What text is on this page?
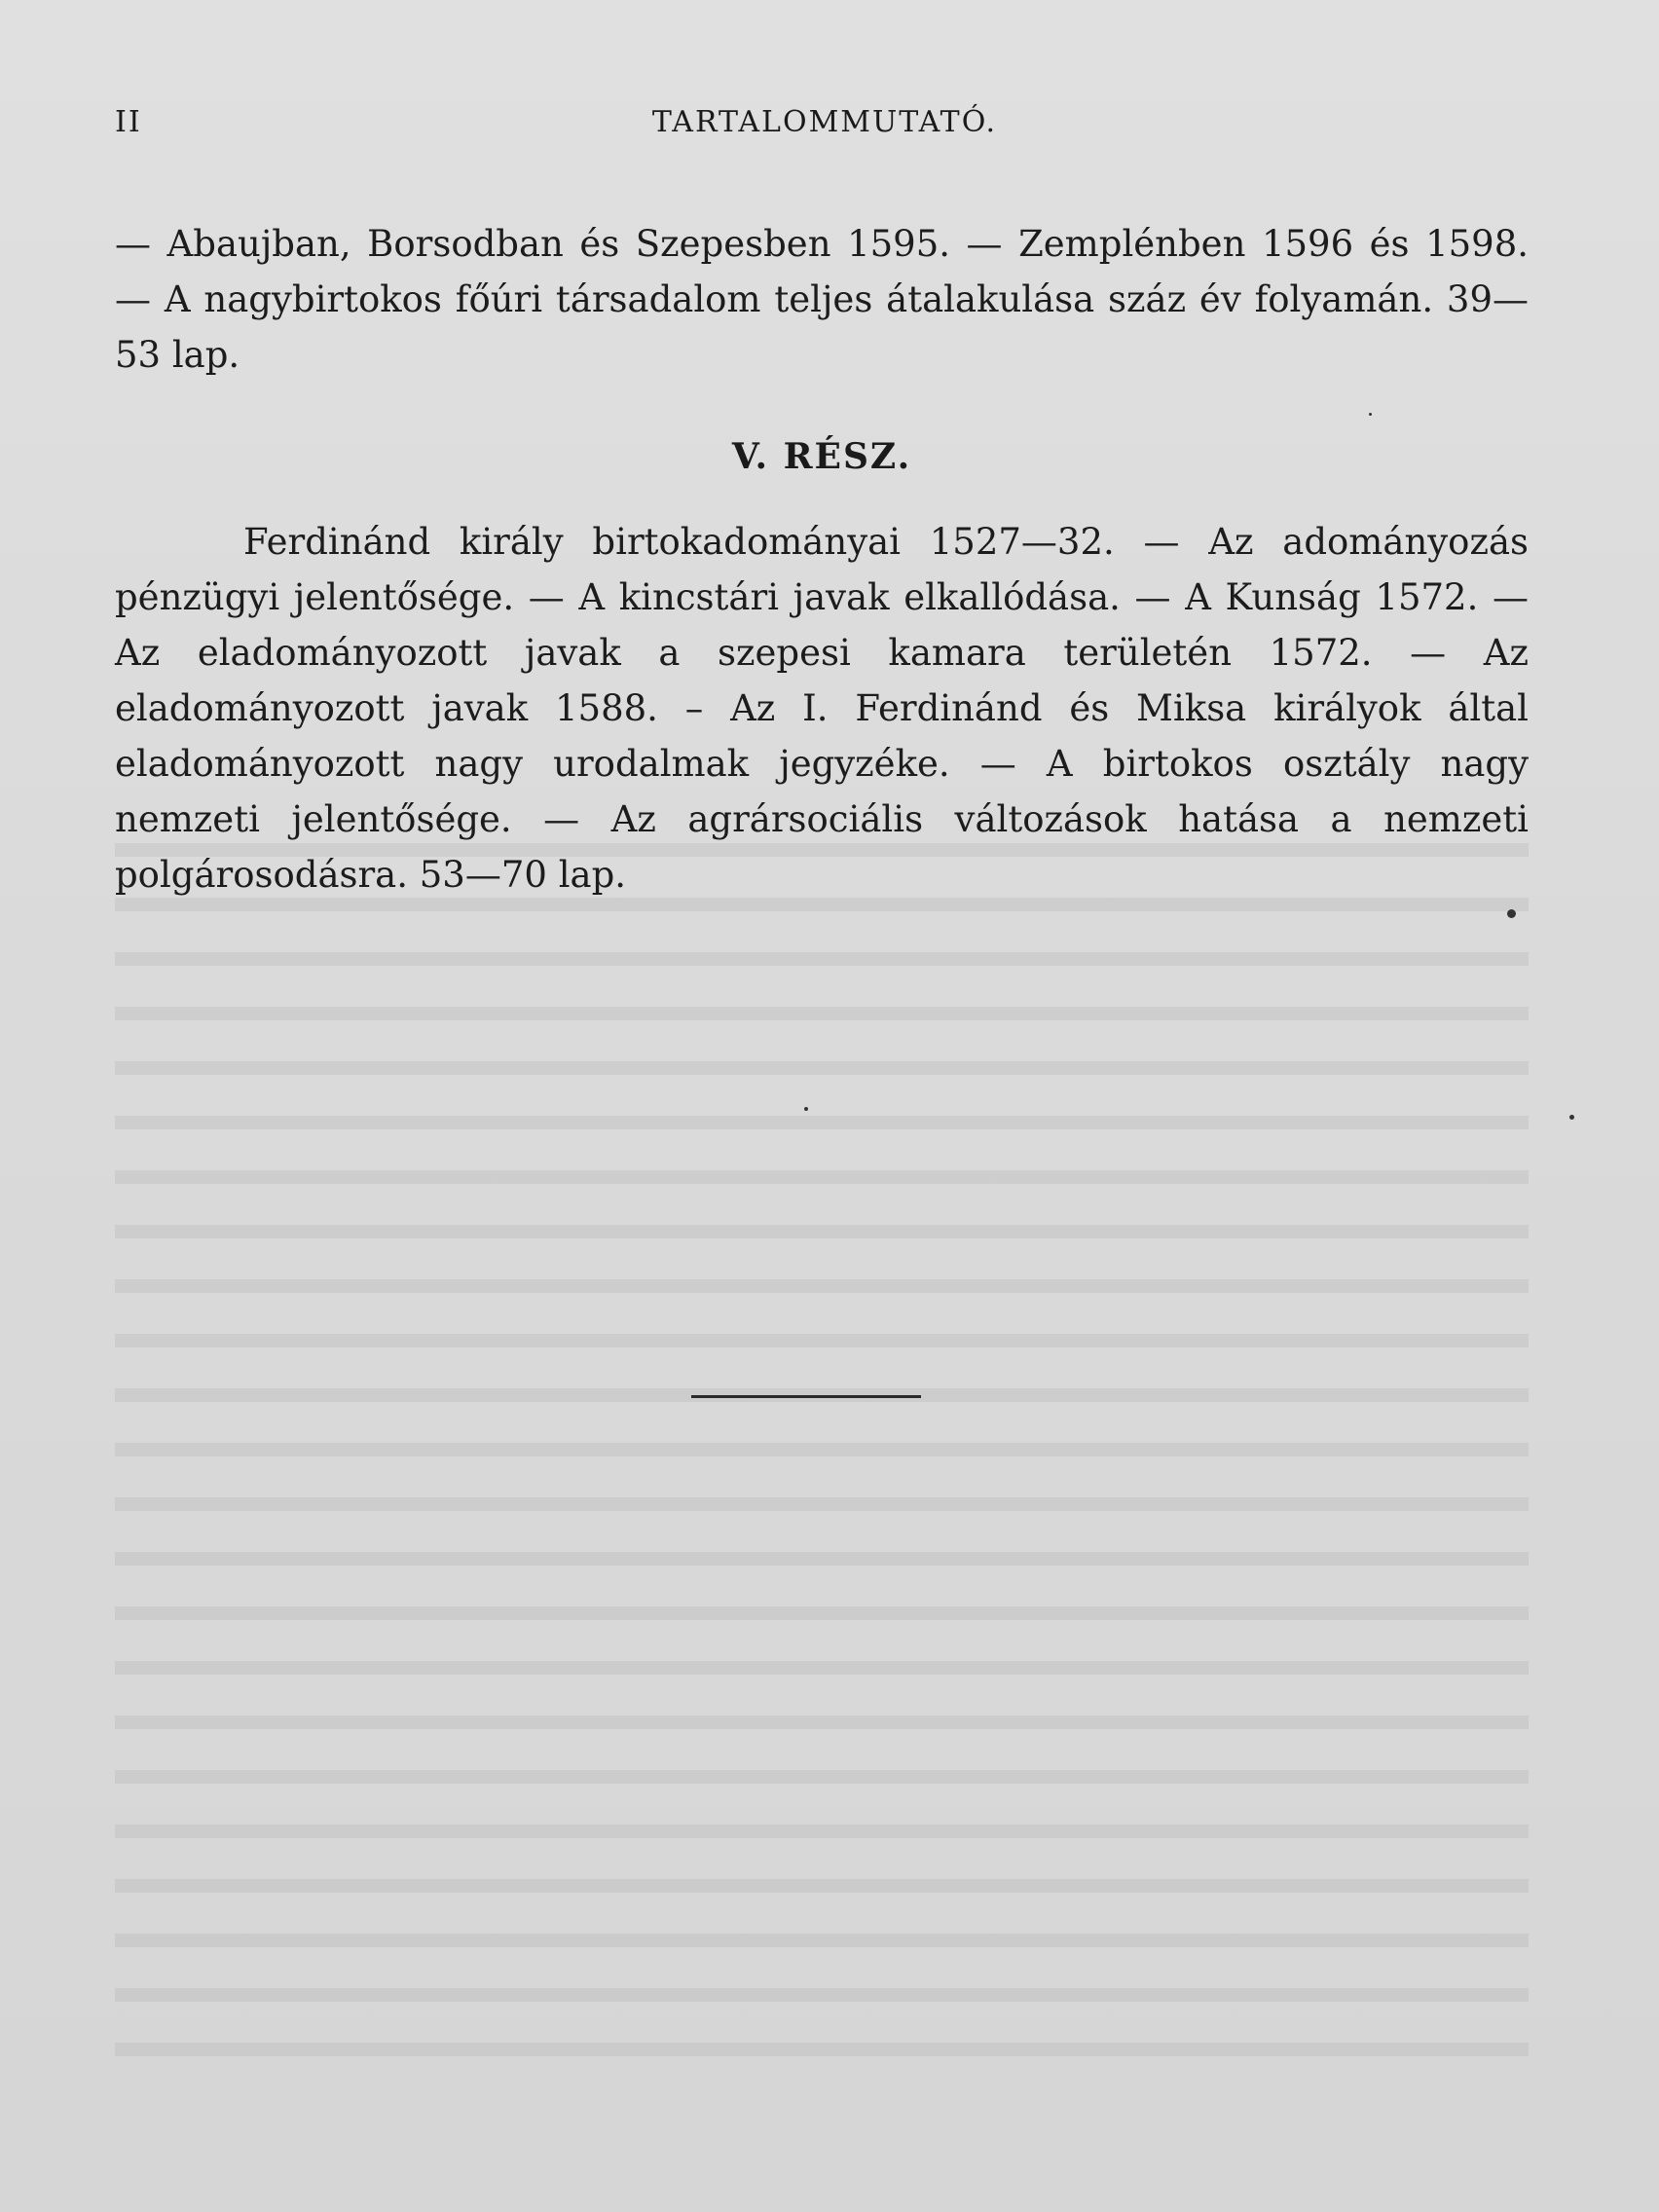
II	TARTALOMMUTATÓ.

— Abaujban, Borsodban és Szepesben 1595. — Zemplénben 1596 és 1598. — A nagybirtokos főúri társadalom teljes átalakulása száz év folyamán. 39—53 lap.

V. RÉSZ.

Ferdinánd király birtokadományai 1527—32. — Az adományozás pénzügyi jelentősége. — A kincstári javak elkallódása. — A Kunság 1572. — Az eladományozott javak a szepesi kamara területén 1572. — Az eladományozott javak 1588. – Az I. Ferdinánd és Miksa királyok által eladományozott nagy urodalmak jegyzéke. — A birtokos osztály nagy nemzeti jelentősége. — Az agrársociális változások hatása a nemzeti polgárosodásra. 53—70 lap.
